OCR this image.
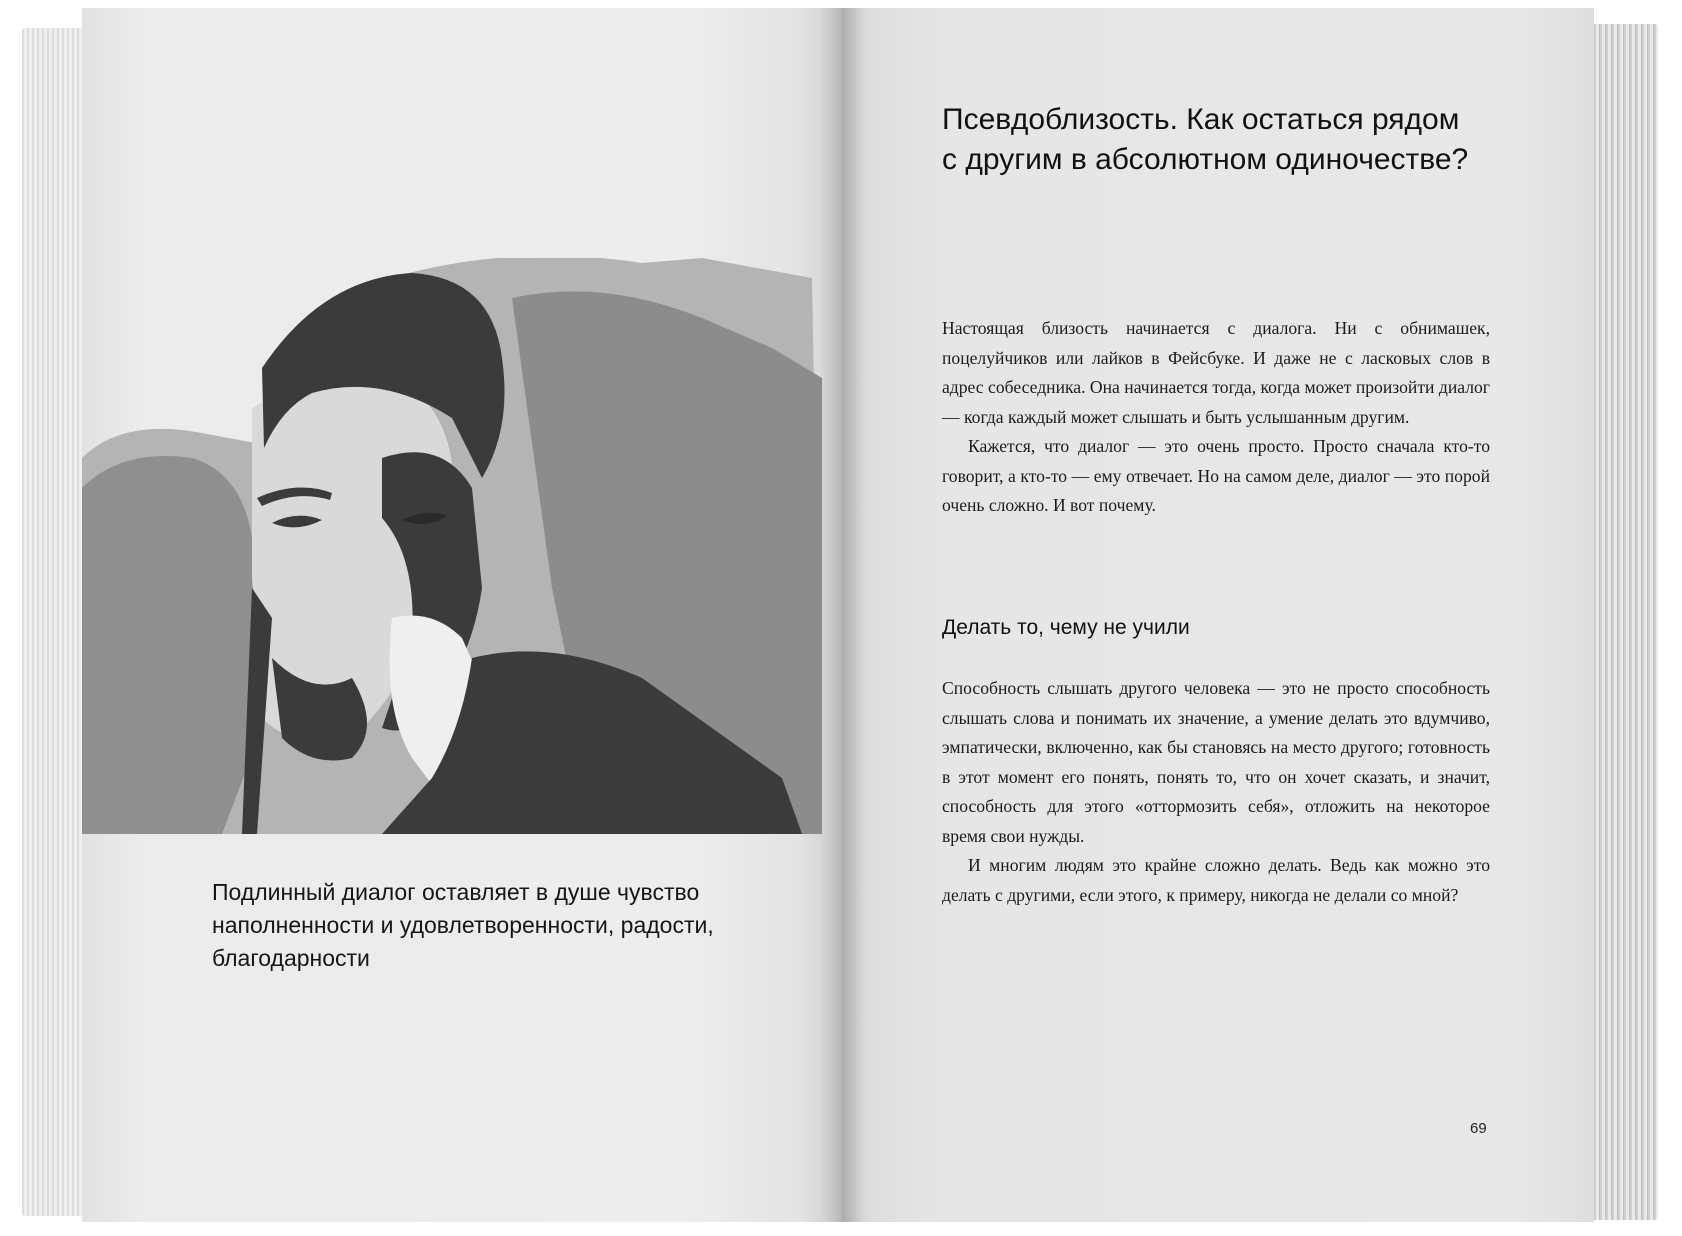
Подлинный диалог оставляет в душе чувство наполненности и удовлетворенности, радости, благодарности

Псевдоблизость. Как остаться рядом
с другим в абсолютном одиночестве?

Настоящая близость начинается с диалога. Ни с обнимашек, поцелуйчиков или лайков в Фейсбуке. И даже не с ласковых слов в адрес собеседника. Она начинается тогда, когда может произойти диалог — когда каждый может слышать и быть услышанным другим.

Кажется, что диалог — это очень просто. Просто сначала кто-то говорит, а кто-то — ему отвечает. Но на самом деле, диалог — это порой очень сложно. И вот почему.

Делать то, чему не учили

Способность слышать другого человека — это не просто способность слышать слова и понимать их значение, а умение делать это вдумчиво, эмпатически, включенно, как бы становясь на место другого; готовность в этот момент его понять, понять то, что он хочет сказать, и значит, способность для этого «оттормозить себя», отложить на некоторое время свои нужды.

И многим людям это крайне сложно делать. Ведь как можно это делать с другими, если этого, к примеру, никогда не делали со мной?

69
